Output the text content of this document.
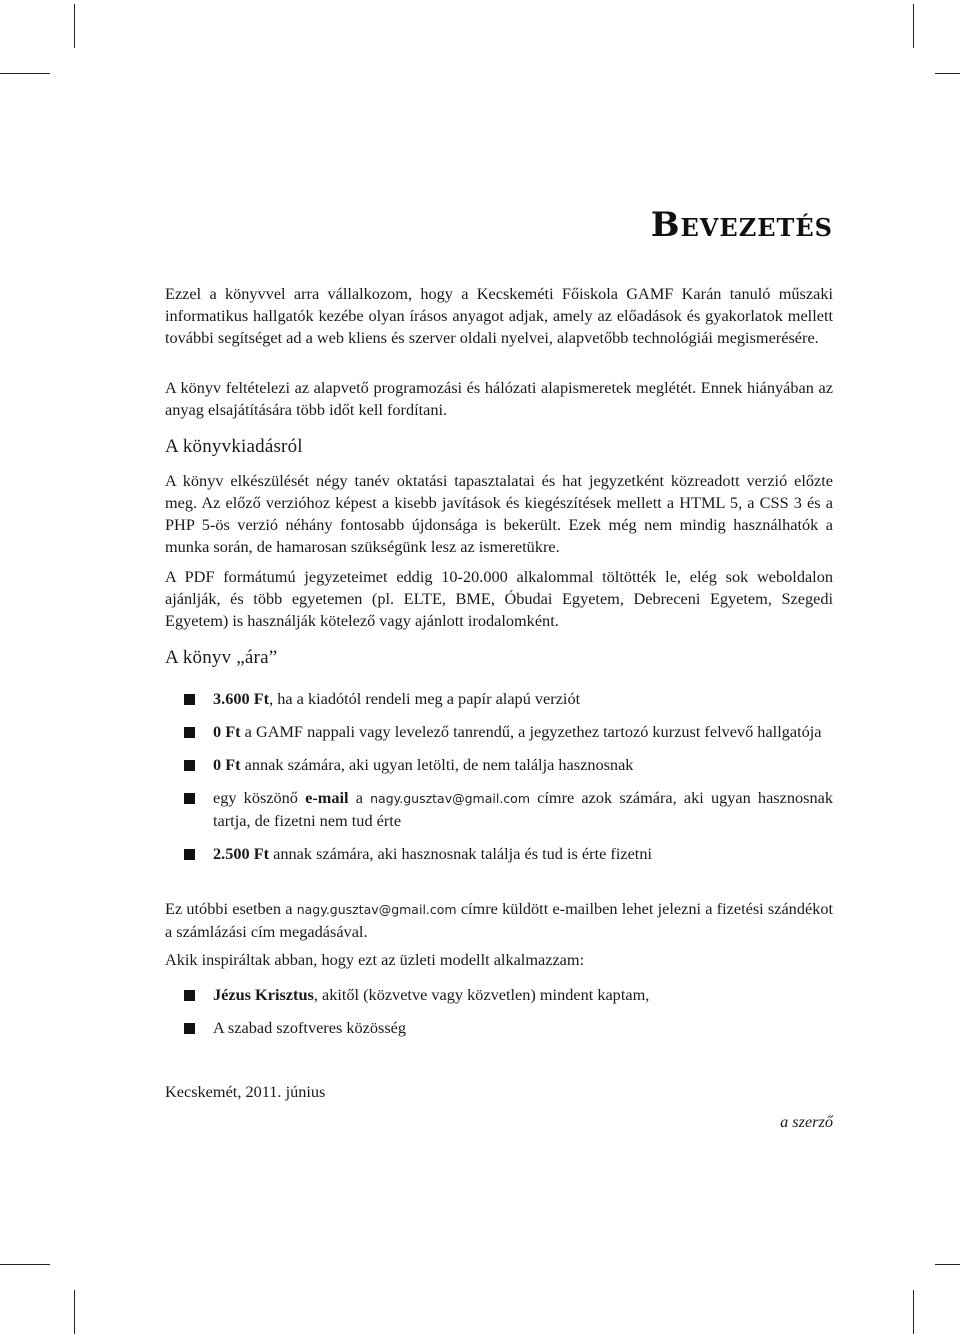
Bevezetés

Ezzel a könyvvel arra vállalkozom, hogy a Kecskeméti Főiskola GAMF Karán tanuló műszaki informatikus hallgatók kezébe olyan írásos anyagot adjak, amely az előadások és gyakorlatok mellett további segítséget ad a web kliens és szerver oldali nyelvei, alapvetőbb technológiái megismerésére.

A könyv feltételezi az alapvető programozási és hálózati alapismeretek meglétét. Ennek hiányában az anyag elsajátítására több időt kell fordítani.

A könyvkiadásról

A könyv elkészülését négy tanév oktatási tapasztalatai és hat jegyzetként közreadott verzió előzte meg. Az előző verzióhoz képest a kisebb javítások és kiegészítések mellett a HTML 5, a CSS 3 és a PHP 5-ös verzió néhány fontosabb újdonsága is bekerült. Ezek még nem mindig használhatók a munka során, de hamarosan szükségünk lesz az ismeretükre.

A PDF formátumú jegyzeteimet eddig 10-20.000 alkalommal töltötték le, elég sok weboldalon ajánlják, és több egyetemen (pl. ELTE, BME, Óbudai Egyetem, Debreceni Egyetem, Szegedi Egyetem) is használják kötelező vagy ajánlott irodalomként.

A könyv „ára”
3.600 Ft, ha a kiadótól rendeli meg a papír alapú verziót
0 Ft a GAMF nappali vagy levelező tanrendű, a jegyzethez tartozó kurzust felvevő hallgatója
0 Ft annak számára, aki ugyan letölti, de nem találja hasznosnak
egy köszönő e-mail a nagy.gusztav@gmail.com címre azok számára, aki ugyan hasznosnak tartja, de fizetni nem tud érte
2.500 Ft annak számára, aki hasznosnak találja és tud is érte fizetni

Ez utóbbi esetben a nagy.gusztav@gmail.com címre küldött e-mailben lehet jelezni a fizetési szándékot a számlázási cím megadásával.

Akik inspiráltak abban, hogy ezt az üzleti modellt alkalmazzam:

Jézus Krisztus, akitől (közvetve vagy közvetlen) mindent kaptam,
A szabad szoftveres közösség
Kecskemét, 2011. június
a szerző
